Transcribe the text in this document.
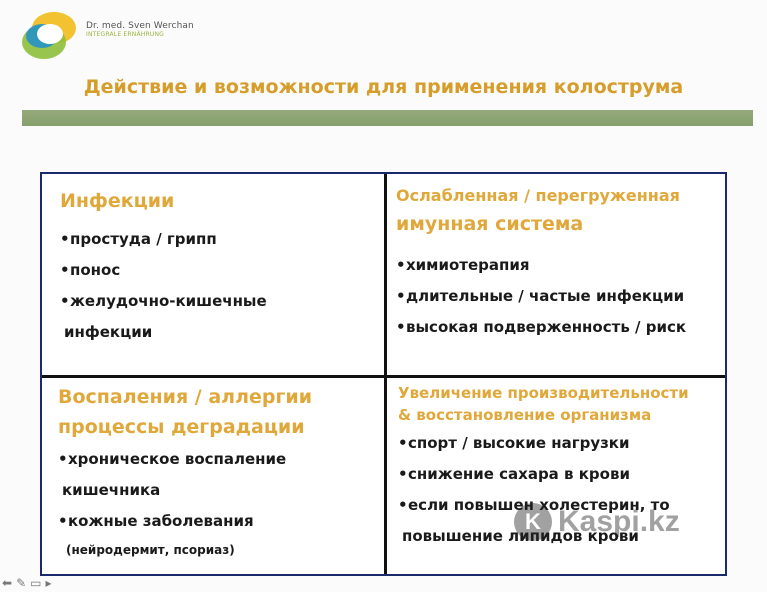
Dr. med. Sven Werchan
INTEGRALE ERNÄHRUNG
Действие и возможности для применения колострума
Инфекции
•простуда / грипп
•понос
•желудочно-кишечные
инфекции
Ослабленная / перегруженная
имунная система
•химиотерапия
•длительные / частые инфекции
•высокая подверженность / риск
Воспаления / аллергии
процессы деградации
•хроническое воспаление
кишечника
•кожные заболевания
(нейродермит, псориаз)
Увеличение производительности
& восстановление организма
•спорт / высокие нагрузки
•снижение сахара в крови
•если повышен холестерин, то
повышение липидов крови
K Kaspi.kz
⬅ ✎ ▭ ▸
